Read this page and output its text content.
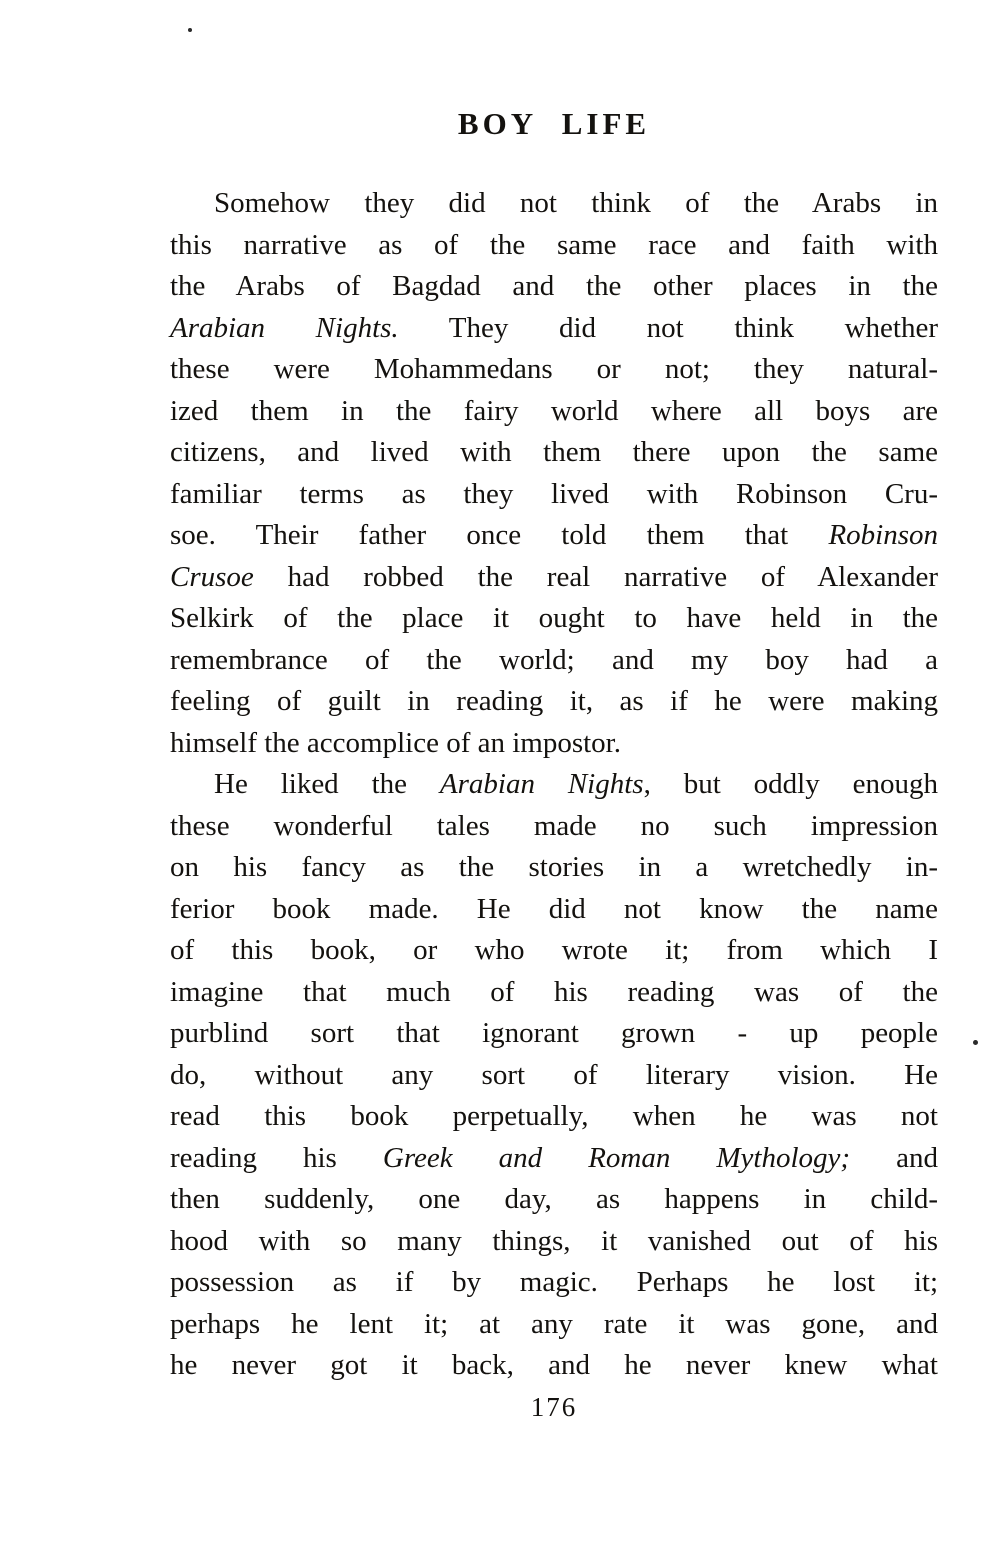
BOY LIFE
Somehow they did not think of the Arabs in
this narrative as of the same race and faith with
the Arabs of Bagdad and the other places in the
Arabian Nights. They did not think whether
these were Mohammedans or not; they natural-
ized them in the fairy world where all boys are
citizens, and lived with them there upon the same
familiar terms as they lived with Robinson Cru-
soe. Their father once told them that Robinson
Crusoe had robbed the real narrative of Alexander
Selkirk of the place it ought to have held in the
remembrance of the world; and my boy had a
feeling of guilt in reading it, as if he were making
himself the accomplice of an impostor.
He liked the Arabian Nights, but oddly enough
these wonderful tales made no such impression
on his fancy as the stories in a wretchedly in-
ferior book made. He did not know the name
of this book, or who wrote it; from which I
imagine that much of his reading was of the
purblind sort that ignorant grown - up people
do, without any sort of literary vision. He
read this book perpetually, when he was not
reading his Greek and Roman Mythology; and
then suddenly, one day, as happens in child-
hood with so many things, it vanished out of his
possession as if by magic. Perhaps he lost it;
perhaps he lent it; at any rate it was gone, and
he never got it back, and he never knew what
176
